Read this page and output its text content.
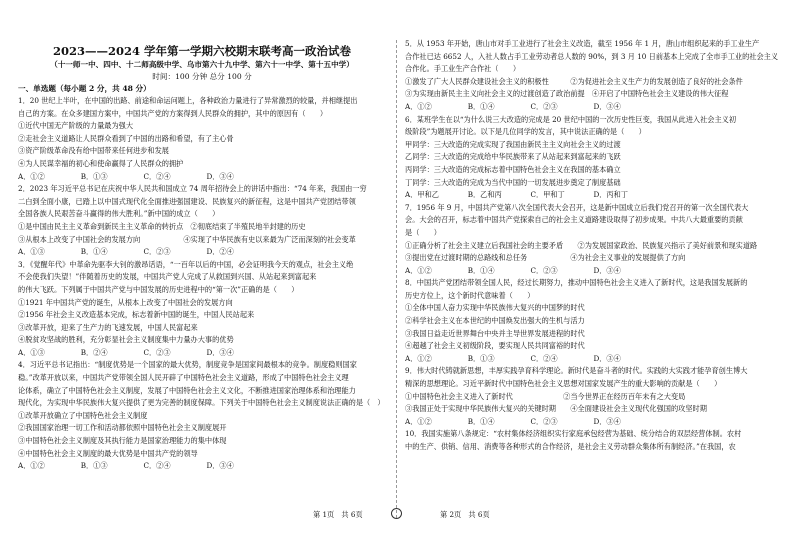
2023——2024 学年第一学期六校期末联考高一政治试卷
（十一师一中、四中、十二师高级中学、乌市第六十九中学、第六十一中学、第十五中学）
时间：100 分钟 总分 100 分
一、单选题（每小题 2 分，共 48 分）

1．20 世纪上半叶，在中国的出路、前途和命运问题上，各种政治力量进行了异常激烈的较量，并相继提出

自己的方案。在众多建国方案中，中国共产党的方案得到人民群众的拥护，其中的原因有（　　）

①近代中国无产阶级的力量最为强大

②走社会主义道路让人民群众看到了中国的出路和希望，有了主心骨

③资产阶级革命没有给中国带来任何进步和发展

④为人民谋幸福的初心和使命赢得了人民群众的拥护

A．①②　　　　　B．①③　　　　　C．②④　　　　　D．③④

2．2023 年习近平总书记在庆祝中华人民共和国成立 74 周年招待会上的讲话中指出：“74 年来，我国由一穷

二白到全面小康，已踏上以中国式现代化全面推进强国建设、民族复兴的新征程，这是中国共产党团结带领

全国各族人民艰苦奋斗赢得的伟大胜利。”新中国的成立（　　）

①是中国由民主主义革命到新民主主义革命的转折点　②彻底结束了半殖民地半封建的历史

③从根本上改变了中国社会的发展方向　　　　　　④实现了中华民族有史以来最为广泛而深刻的社会变革

A．①③　　　　　B．①④　　　　　C．②③　　　　　D．②④

3．《觉醒年代》中革命先驱李大钊的激昂话语，“一百年以后的中国，必会证明我今天的观点，社会主义绝

不会使我们失望！”伴随着历史的发展，中国共产党人完成了从救国到兴国、从站起来到富起来

的伟大飞跃。下列属于中国共产党与中国发展的历史进程中的“第一次”正确的是（　　）

①1921 年中国共产党的诞生，从根本上改变了中国社会的发展方向

②1956 年社会主义改造基本完成，标志着新中国的诞生，中国人民站起来

③改革开放，迎来了生产力的飞速发展，中国人民富起来

④脱贫攻坚战的胜利，充分彰显社会主义制度集中力量办大事的优势

A．①③　　　　　B．②④　　　　　C．②③　　　　　D．③④

4．习近平总书记指出：“制度优势是一个国家的最大优势，制度竞争是国家间最根本的竞争。制度稳则国家

稳。”改革开放以来，中国共产党带领全国人民开辟了中国特色社会主义道路，形成了中国特色社会主义理

论体系，确立了中国特色社会主义制度，发展了中国特色社会主义文化，不断推进国家治理体系和治理能力

现代化，为实现中华民族伟大复兴提供了更为完善的制度保障。下列关于中国特色社会主义制度说法正确的是（　）

①改革开放确立了中国特色社会主义制度

②我国国家治理一切工作和活动都依照中国特色社会主义制度展开

③中国特色社会主义制度及其执行能力是国家治理能力的集中体现

④中国特色社会主义制度的最大优势是中国共产党的领导

A．①②　　　　　B．①③　　　　　C．②④　　　　　D．③④

5．从 1953 年开始，唐山市对手工业进行了社会主义改造，截至 1956 年 1 月，唐山市组织起来的手工业生产

合作社已达 6652 人，入社人数占手工业劳动者总人数的 90%，到 3 月 10 日前基本上完成了全市手工业的社会主义

合作化。手工业生产合作社（　　）

①激发了广大人民群众建设社会主义的积极性　　　②为促进社会主义生产力的发展创造了良好的社会条件

③为实现由新民主主义向社会主义的过渡创造了政治前提　④开启了中国特色社会主义建设的伟大征程

A．①②　　　　　B．①④　　　　　C．②③　　　　　D．③④

6．某班学生在以“为什么说三大改造的完成是 20 世纪中国的一次历史性巨变，我国从此进入社会主义初

级阶段”为题展开讨论。以下是几位同学的发言，其中说法正确的是（　　）

甲同学：三大改造的完成实现了我国由新民主主义向社会主义的过渡

乙同学：三大改造的完成给中华民族带来了从站起来到富起来的飞跃

丙同学：三大改造的完成标志着中国特色社会主义在我国的基本确立

丁同学：三大改造的完成为当代中国的一切发展进步奠定了制度基础

A．甲和乙　　　　B．乙和丙　　　　C．甲和丁　　　　D．丙和丁

7．1956 年 9 月，中国共产党第八次全国代表大会召开，这是新中国成立后我们党召开的第一次全国代表大

会。大会的召开，标志着中国共产党探索自己的社会主义道路建设取得了初步成果。中共八大最重要的贡献

是（　　）

①正确分析了社会主义建立后我国社会的主要矛盾　　②为发展国家政治、民族复兴指示了美好前景和现实道路

③提出党在过渡时期的总路线和总任务　　　　　　④为社会主义事业的发展提供了方向

A．①②　　　　　B．①④　　　　　C．②③　　　　　D．③④

8．中国共产党团结带领全国人民，经过长期努力，推动中国特色社会主义进入了新时代，这是我国发展新的

历史方位上，这个新时代意味着（　　）

①全体中国人奋力实现中华民族伟大复兴的中国梦的时代

②科学社会主义在本世纪的中国焕发出强大的生机与活力

③我国日益走近世界舞台中央并主导世界发展进程的时代

④超越了社会主义初级阶段，要实现人民共同富裕的时代

A．①②　　　　　B．①③　　　　　C．②④　　　　　D．③④

9．伟大时代铸就新思想，丰厚实践孕育科学理论。新时代是奋斗者的时代。实践的大实践才能孕育创生博大

精深的思想理论。习近平新时代中国特色社会主义思想对国家发展产生的重大影响的贡献是（　　）

①中国特色社会主义进入了新时代　　　　　　　②当今世界正在经历百年未有之大变局

③我国正处于实现中华民族伟大复兴的关键时期　　④全面建设社会主义现代化强国的攻坚时期

A．①②　　　　　B．①④　　　　　C．②③　　　　　D．③④

10．我国实施第八条规定：“农村集体经济组织实行家庭承包经营为基础、统分结合的双层经营体制。农村

中的生产、供销、信用、消费等各种形式的合作经济，是社会主义劳动群众集体所有制经济。”在我国，农

第 1页　共 6页	第 2页　共 6页
